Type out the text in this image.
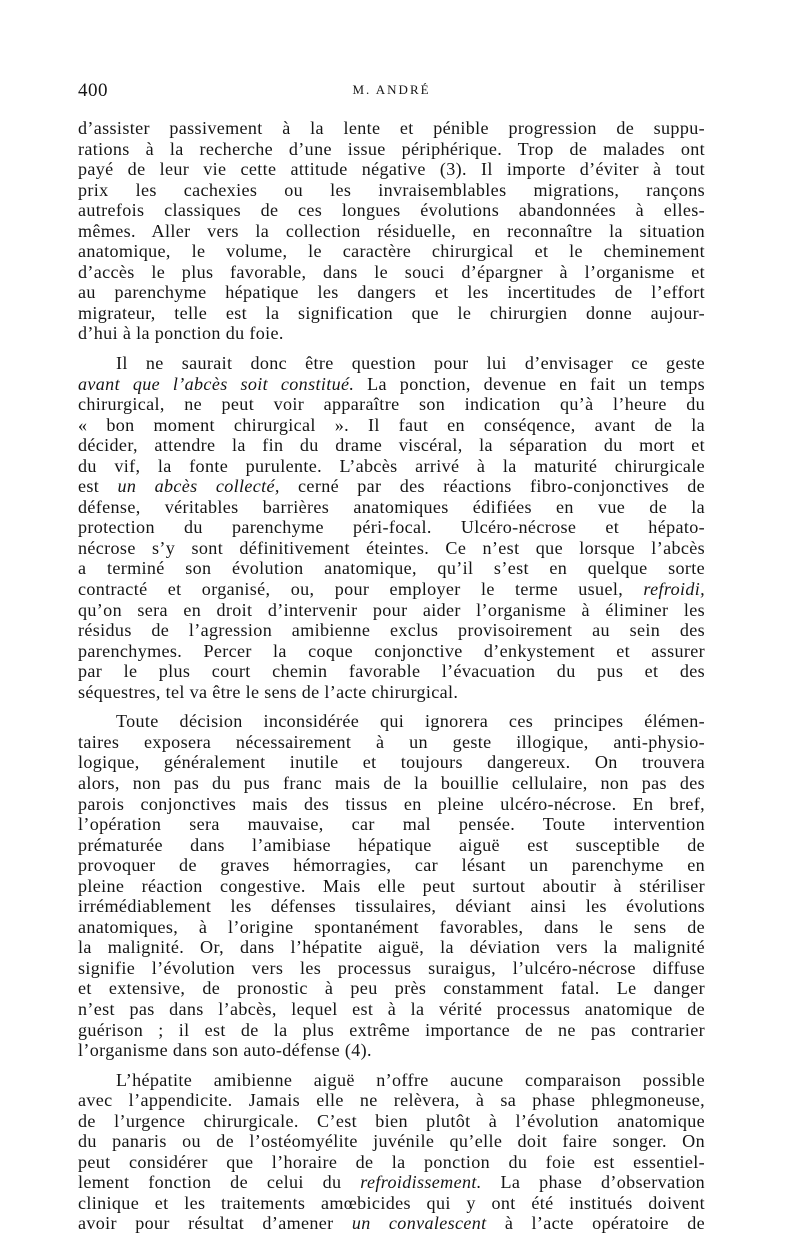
400	M. ANDRÉ

d’assister passivement à la lente et pénible progression de suppu-
rations à la recherche d’une issue périphérique. Trop de malades ont
payé de leur vie cette attitude négative (3). Il importe d’éviter à tout
prix les cachexies ou les invraisemblables migrations, rançons
autrefois classiques de ces longues évolutions abandonnées à elles-
mêmes. Aller vers la collection résiduelle, en reconnaître la situation
anatomique, le volume, le caractère chirurgical et le cheminement
d’accès le plus favorable, dans le souci d’épargner à l’organisme et
au parenchyme hépatique les dangers et les incertitudes de l’effort
migrateur, telle est la signification que le chirurgien donne aujour-
d’hui à la ponction du foie.

Il ne saurait donc être question pour lui d’envisager ce geste
avant que l’abcès soit constitué. La ponction, devenue en fait un temps
chirurgical, ne peut voir apparaître son indication qu’à l’heure du
« bon moment chirurgical ». Il faut en conséqence, avant de la
décider, attendre la fin du drame viscéral, la séparation du mort et
du vif, la fonte purulente. L’abcès arrivé à la maturité chirurgicale
est un abcès collecté, cerné par des réactions fibro-conjonctives de
défense, véritables barrières anatomiques édifiées en vue de la
protection du parenchyme péri-focal. Ulcéro-nécrose et hépato-
nécrose s’y sont définitivement éteintes. Ce n’est que lorsque l’abcès
a terminé son évolution anatomique, qu’il s’est en quelque sorte
contracté et organisé, ou, pour employer le terme usuel, refroidi,
qu’on sera en droit d’intervenir pour aider l’organisme à éliminer les
résidus de l’agression amibienne exclus provisoirement au sein des
parenchymes. Percer la coque conjonctive d’enkystement et assurer
par le plus court chemin favorable l’évacuation du pus et des
séquestres, tel va être le sens de l’acte chirurgical.

Toute décision inconsidérée qui ignorera ces principes élémen-
taires exposera nécessairement à un geste illogique, anti-physio-
logique, généralement inutile et toujours dangereux. On trouvera
alors, non pas du pus franc mais de la bouillie cellulaire, non pas des
parois conjonctives mais des tissus en pleine ulcéro-nécrose. En bref,
l’opération sera mauvaise, car mal pensée. Toute intervention
prématurée dans l’amibiase hépatique aiguë est susceptible de
provoquer de graves hémorragies, car lésant un parenchyme en
pleine réaction congestive. Mais elle peut surtout aboutir à stériliser
irrémédiablement les défenses tissulaires, déviant ainsi les évolutions
anatomiques, à l’origine spontanément favorables, dans le sens de
la malignité. Or, dans l’hépatite aiguë, la déviation vers la malignité
signifie l’évolution vers les processus suraigus, l’ulcéro-nécrose diffuse
et extensive, de pronostic à peu près constamment fatal. Le danger
n’est pas dans l’abcès, lequel est à la vérité processus anatomique de
guérison ; il est de la plus extrême importance de ne pas contrarier
l’organisme dans son auto-défense (4).

L’hépatite amibienne aiguë n’offre aucune comparaison possible
avec l’appendicite. Jamais elle ne relèvera, à sa phase phlegmoneuse,
de l’urgence chirurgicale. C’est bien plutôt à l’évolution anatomique
du panaris ou de l’ostéomyélite juvénile qu’elle doit faire songer. On
peut considérer que l’horaire de la ponction du foie est essentiel-
lement fonction de celui du refroidissement. La phase d’observation
clinique et les traitements amœbicides qui y ont été institués doivent
avoir pour résultat d’amener un convalescent à l’acte opératoire de
